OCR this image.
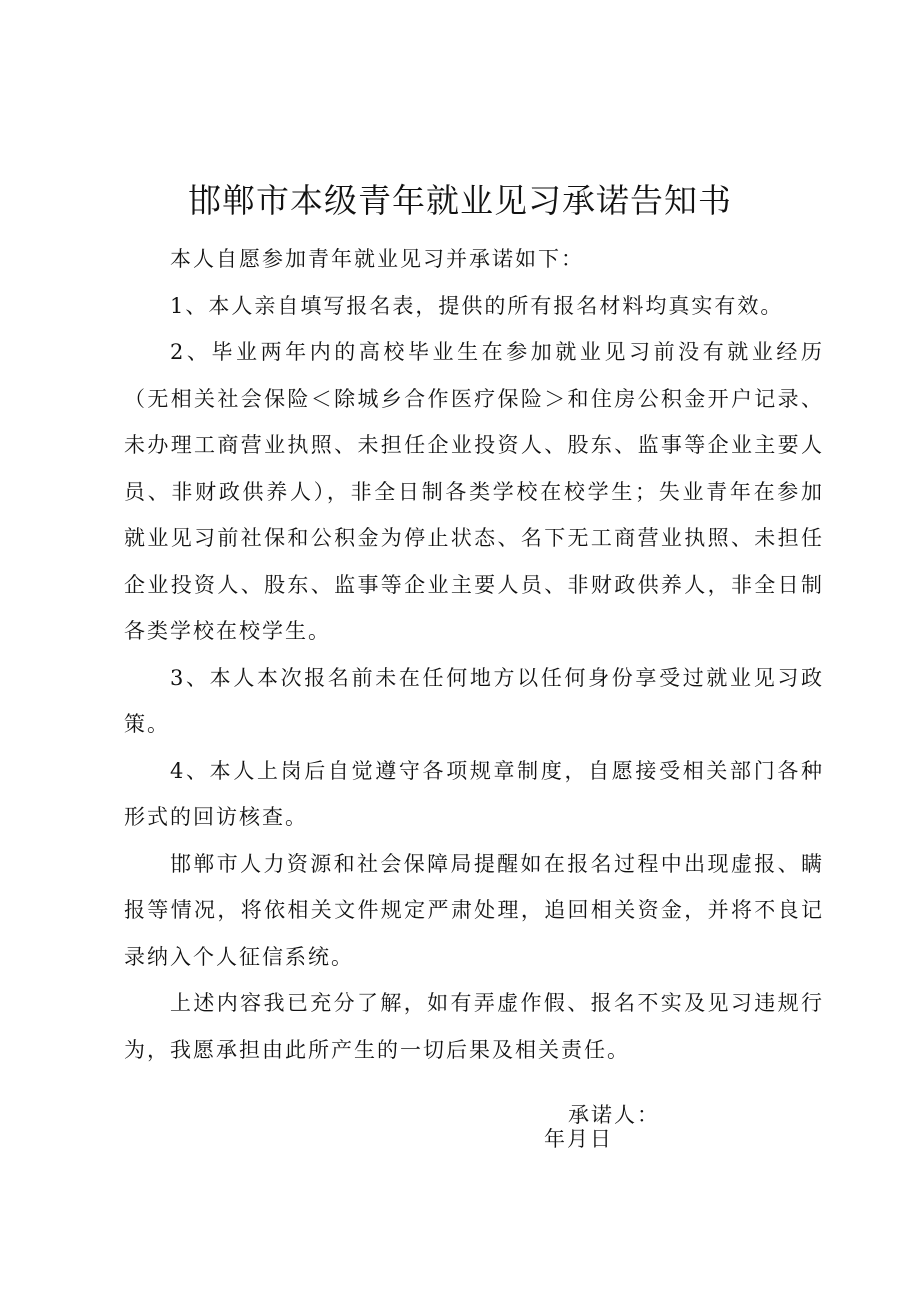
邯郸市本级青年就业见习承诺告知书

本人自愿参加青年就业见习并承诺如下：

1、本人亲自填写报名表，提供的所有报名材料均真实有效。

2、毕业两年内的高校毕业生在参加就业见习前没有就业经历（无相关社会保险＜除城乡合作医疗保险＞和住房公积金开户记录、未办理工商营业执照、未担任企业投资人、股东、监事等企业主要人员、非财政供养人），非全日制各类学校在校学生；失业青年在参加就业见习前社保和公积金为停止状态、名下无工商营业执照、未担任企业投资人、股东、监事等企业主要人员、非财政供养人，非全日制各类学校在校学生。

3、本人本次报名前未在任何地方以任何身份享受过就业见习政策。

4、本人上岗后自觉遵守各项规章制度，自愿接受相关部门各种形式的回访核查。

邯郸市人力资源和社会保障局提醒如在报名过程中出现虚报、瞒报等情况，将依相关文件规定严肃处理，追回相关资金，并将不良记录纳入个人征信系统。

上述内容我已充分了解，如有弄虚作假、报名不实及见习违规行为，我愿承担由此所产生的一切后果及相关责任。

承诺人：
年月日
